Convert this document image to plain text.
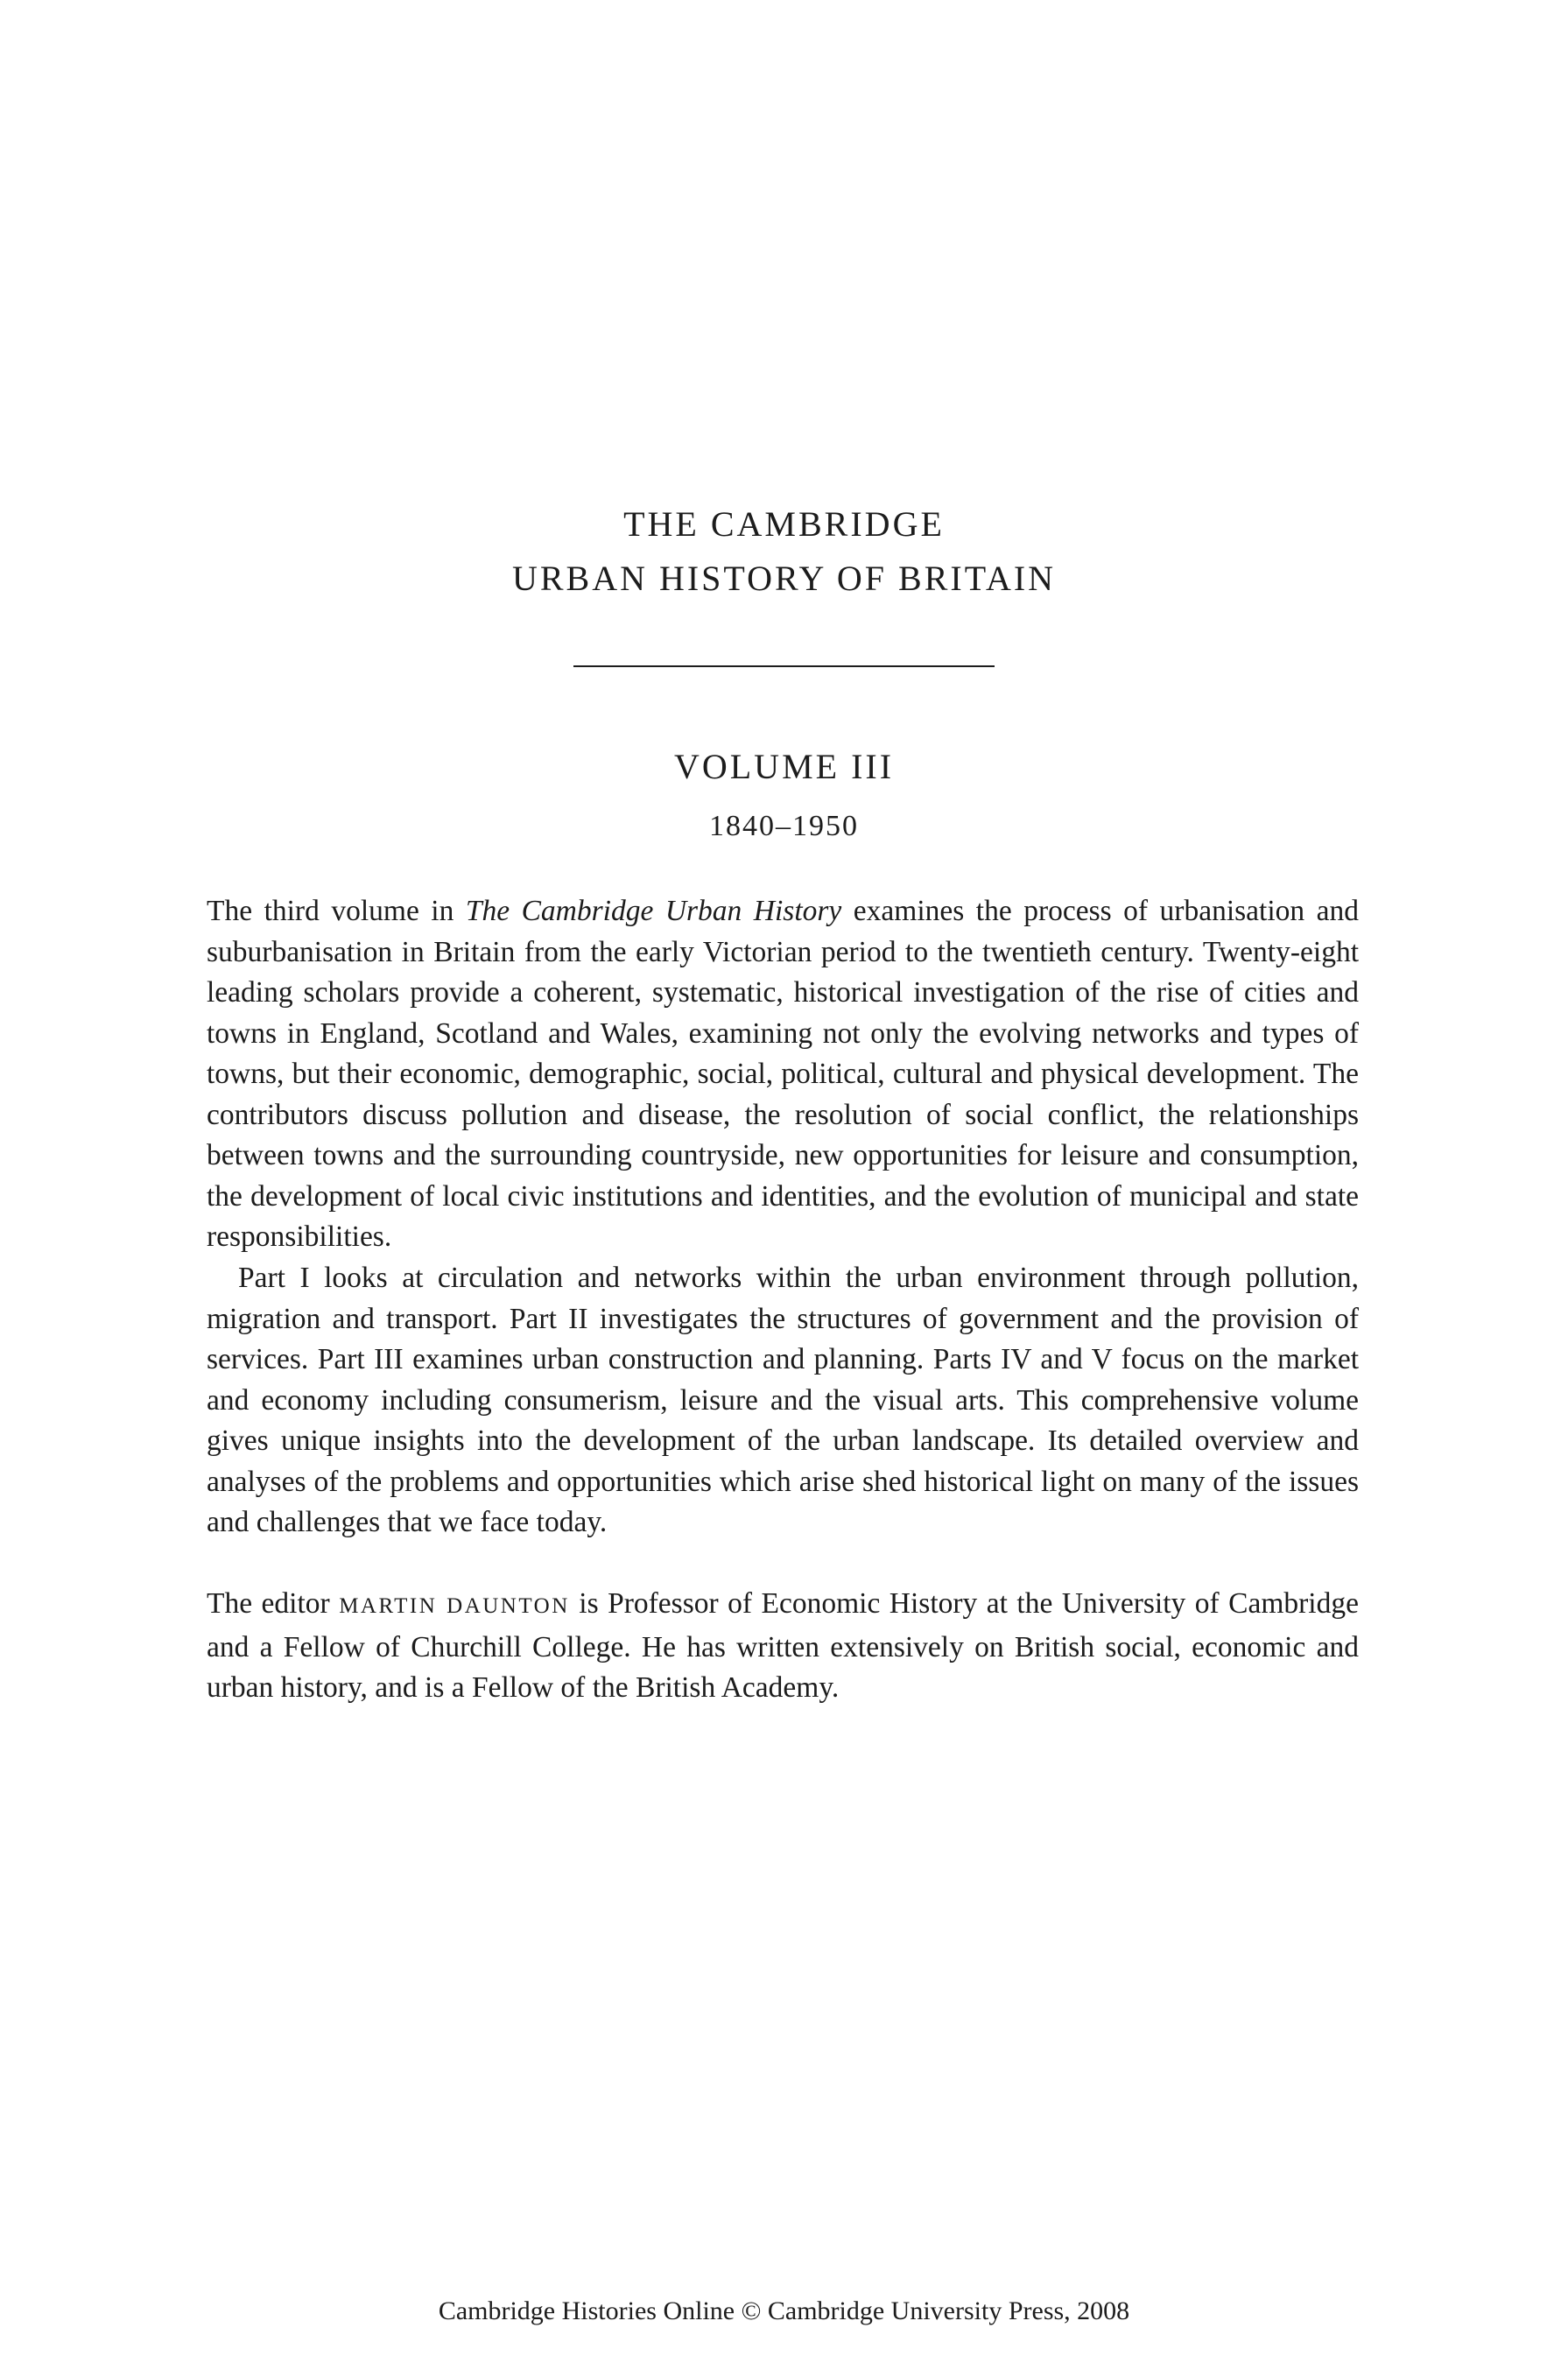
THE CAMBRIDGE
URBAN HISTORY OF BRITAIN
VOLUME III
1840–1950

The third volume in The Cambridge Urban History examines the process of urbanisation and suburbanisation in Britain from the early Victorian period to the twentieth century. Twenty-eight leading scholars provide a coherent, systematic, historical investigation of the rise of cities and towns in England, Scotland and Wales, examining not only the evolving networks and types of towns, but their economic, demographic, social, political, cultural and physical development. The contributors discuss pollution and disease, the resolution of social conflict, the relationships between towns and the surrounding countryside, new opportunities for leisure and consumption, the development of local civic institutions and identities, and the evolution of municipal and state responsibilities.

Part I looks at circulation and networks within the urban environment through pollution, migration and transport. Part II investigates the structures of government and the provision of services. Part III examines urban construction and planning. Parts IV and V focus on the market and economy including consumerism, leisure and the visual arts. This comprehensive volume gives unique insights into the development of the urban landscape. Its detailed overview and analyses of the problems and opportunities which arise shed historical light on many of the issues and challenges that we face today.

The editor MARTIN DAUNTON is Professor of Economic History at the University of Cambridge and a Fellow of Churchill College. He has written extensively on British social, economic and urban history, and is a Fellow of the British Academy.

Cambridge Histories Online © Cambridge University Press, 2008
